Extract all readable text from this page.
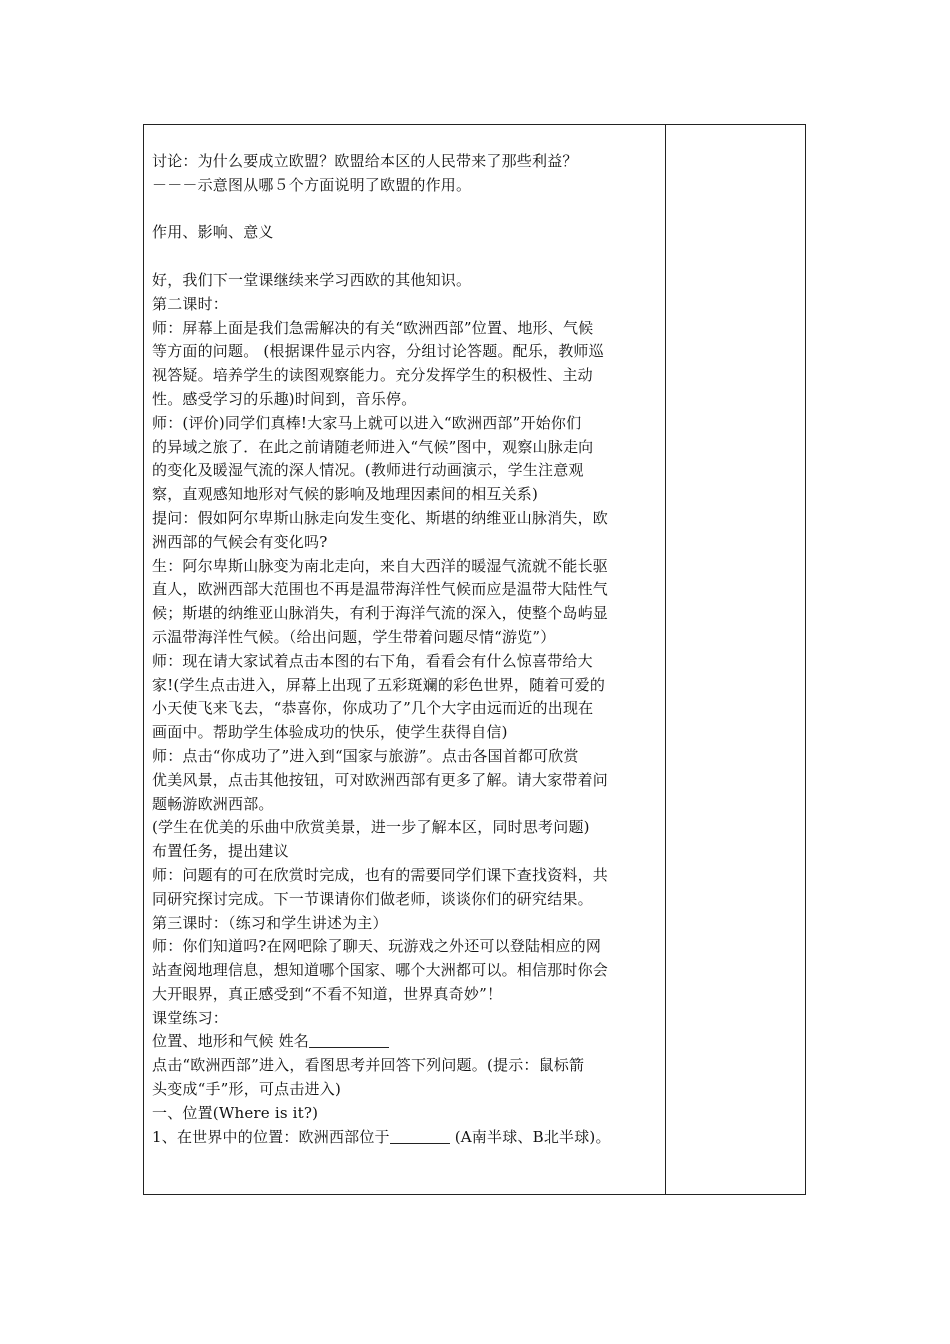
讨论：为什么要成立欧盟？欧盟给本区的人民带来了那些利益？
－－－示意图从哪５个方面说明了欧盟的作用。
作用、影响、意义
好，我们下一堂课继续来学习西欧的其他知识。
第二课时：
师：屏幕上面是我们急需解决的有关“欧洲西部”位置、地形、气候
等方面的问题。 (根据课件显示内容，分组讨论答题。配乐，教师巡
视答疑。培养学生的读图观察能力。充分发挥学生的积极性、主动
性。感受学习的乐趣)时间到，音乐停。
师：(评价)同学们真棒!大家马上就可以进入“欧洲西部”开始你们
的异域之旅了．在此之前请随老师进入“气候”图中，观察山脉走向
的变化及暖湿气流的深人情况。(教师进行动画演示，学生注意观
察，直观感知地形对气候的影响及地理因素间的相互关系)
提问：假如阿尔卑斯山脉走向发生变化、斯堪的纳维亚山脉消失，欧
洲西部的气候会有变化吗?
生：阿尔卑斯山脉变为南北走向，来自大西洋的暖湿气流就不能长驱
直人，欧洲西部大范围也不再是温带海洋性气候而应是温带大陆性气
候；斯堪的纳维亚山脉消失，有利于海洋气流的深入，使整个岛屿显
示温带海洋性气候。（给出问题，学生带着问题尽情“游览”）
师：现在请大家试着点击本图的右下角，看看会有什么惊喜带给大
家!(学生点击进入，屏幕上出现了五彩斑斓的彩色世界，随着可爱的
小天使飞来飞去，“恭喜你，你成功了”几个大字由远而近的出现在
画面中。帮助学生体验成功的快乐，使学生获得自信)
师：点击“你成功了”进入到“国家与旅游”。点击各国首都可欣赏
优美风景，点击其他按钮，可对欧洲西部有更多了解。请大家带着问
题畅游欧洲西部。
(学生在优美的乐曲中欣赏美景，进一步了解本区，同时思考问题)
布置任务，提出建议
师：问题有的可在欣赏时完成，也有的需要同学们课下查找资料，共
同研究探讨完成。下一节课请你们做老师，谈谈你们的研究结果。
第三课时：（练习和学生讲述为主）
师：你们知道吗?在网吧除了聊天、玩游戏之外还可以登陆相应的网
站查阅地理信息，想知道哪个国家、哪个大洲都可以。相信那时你会
大开眼界，真正感受到“不看不知道，世界真奇妙”！
课堂练习：
位置、地形和气候 姓名
点击“欧洲西部”进入，看图思考并回答下列问题。(提示：鼠标箭
头变成“手”形，可点击进入)
一、位置(Where is it?)
1、在世界中的位置：欧洲西部位于	(A南半球、B北半球)。
